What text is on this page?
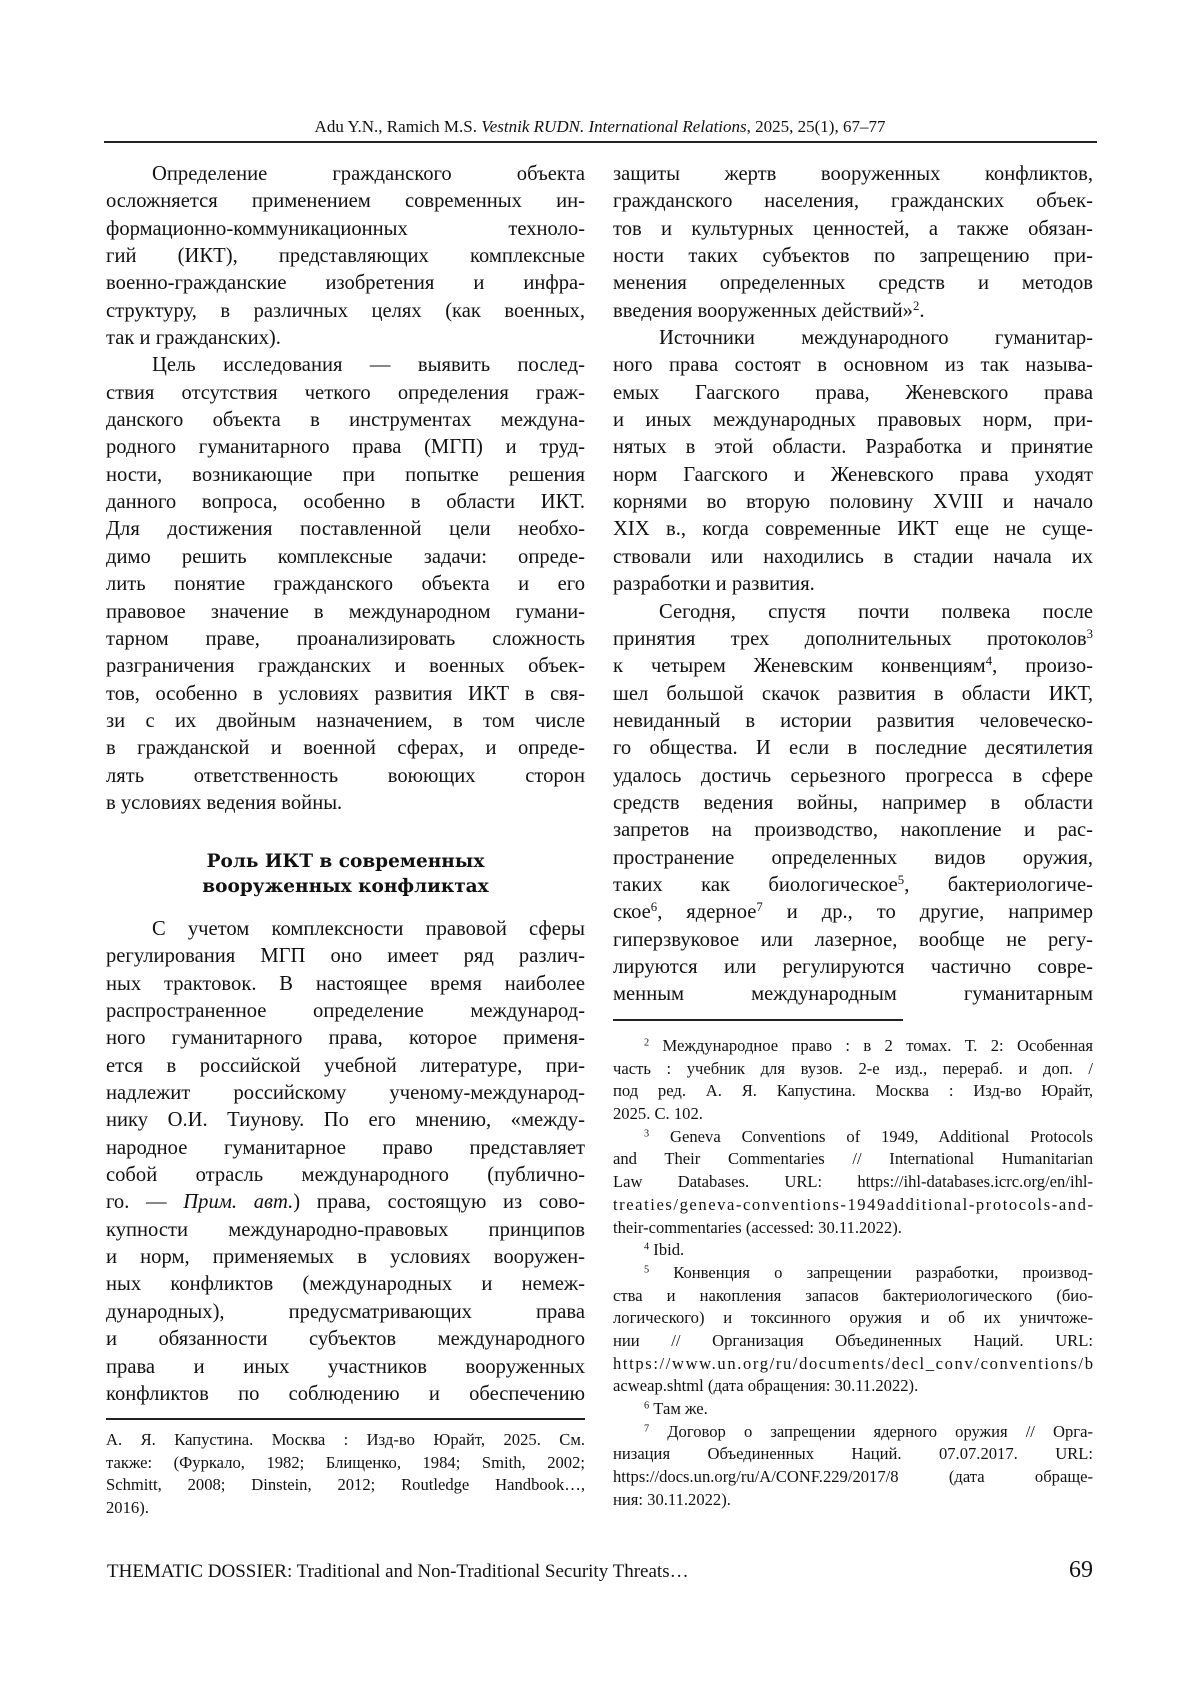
Adu Y.N., Ramich M.S. Vestnik RUDN. International Relations, 2025, 25(1), 67–77
Определение гражданского объекта
осложняется применением современных ин-
формационно-коммуникационных техноло-
гий (ИКТ), представляющих комплексные
военно-гражданские изобретения и инфра-
структуру, в различных целях (как военных,
так и гражданских).
Цель исследования — выявить послед-
ствия отсутствия четкого определения граж-
данского объекта в инструментах междуна-
родного гуманитарного права (МГП) и труд-
ности, возникающие при попытке решения
данного вопроса, особенно в области ИКТ.
Для достижения поставленной цели необхо-
димо решить комплексные задачи: опреде-
лить понятие гражданского объекта и его
правовое значение в международном гумани-
тарном праве, проанализировать сложность
разграничения гражданских и военных объек-
тов, особенно в условиях развития ИКТ в свя-
зи с их двойным назначением, в том числе
в гражданской и военной сферах, и опреде-
лять ответственность воюющих сторон
в условиях ведения войны.
Роль ИКТ в современных
вооруженных конфликтах
С учетом комплексности правовой сферы
регулирования МГП оно имеет ряд различ-
ных трактовок. В настоящее время наиболее
распространенное определение международ-
ного гуманитарного права, которое применя-
ется в российской учебной литературе, при-
надлежит российскому ученому-международ-
нику О.И. Тиунову. По его мнению, «между-
народное гуманитарное право представляет
собой отрасль международного (публично-
го. — Прим. авт.) права, состоящую из сово-
купности международно-правовых принципов
и норм, применяемых в условиях вооружен-
ных конфликтов (международных и немеж-
дународных), предусматривающих права
и обязанности субъектов международного
права и иных участников вооруженных
конфликтов по соблюдению и обеспечению
А. Я. Капустина. Москва : Изд-во Юрайт, 2025. См.
также: (Фуркало, 1982; Блищенко, 1984; Smith, 2002;
Schmitt, 2008; Dinstein, 2012; Routledge Handbook…,
2016).
защиты жертв вооруженных конфликтов,
гражданского населения, гражданских объек-
тов и культурных ценностей, а также обязан-
ности таких субъектов по запрещению при-
менения определенных средств и методов
введения вооруженных действий»2.
Источники международного гуманитар-
ного права состоят в основном из так называ-
емых Гаагского права, Женевского права
и иных международных правовых норм, при-
нятых в этой области. Разработка и принятие
норм Гаагского и Женевского права уходят
корнями во вторую половину XVIII и начало
XIX в., когда современные ИКТ еще не суще-
ствовали или находились в стадии начала их
разработки и развития.
Сегодня, спустя почти полвека после
принятия трех дополнительных протоколов3
к четырем Женевским конвенциям4, произо-
шел большой скачок развития в области ИКТ,
невиданный в истории развития человеческо-
го общества. И если в последние десятилетия
удалось достичь серьезного прогресса в сфере
средств ведения войны, например в области
запретов на производство, накопление и рас-
пространение определенных видов оружия,
таких как биологическое5, бактериологиче-
ское6, ядерное7 и др., то другие, например
гиперзвуковое или лазерное, вообще не регу-
лируются или регулируются частично совре-
менным международным гуманитарным
2 Международное право : в 2 томах. Т. 2: Особенная
часть : учебник для вузов. 2-е изд., перераб. и доп. /
под ред. А. Я. Капустина. Москва : Изд-во Юрайт,
2025. С. 102.
3 Geneva Conventions of 1949, Additional Protocols
and Their Commentaries // International Humanitarian
Law Databases. URL: https://ihl-databases.icrc.org/en/ihl-
treaties/geneva-conventions-1949additional-protocols-and-
their-commentaries (accessed: 30.11.2022).
4 Ibid.
5 Конвенция о запрещении разработки, производ-
ства и накопления запасов бактериологического (био-
логического) и токсинного оружия и об их уничтоже-
нии // Организация Объединенных Наций. URL:
https://www.un.org/ru/documents/decl_conv/conventions/b
acweap.shtml (дата обращения: 30.11.2022).
6 Там же.
7 Договор о запрещении ядерного оружия // Орга-
низация Объединенных Наций. 07.07.2017. URL:
https://docs.un.org/ru/A/CONF.229/2017/8 (дата обраще-
ния: 30.11.2022).
THEMATIC DOSSIER: Traditional and Non-Traditional Security Threats…	69
